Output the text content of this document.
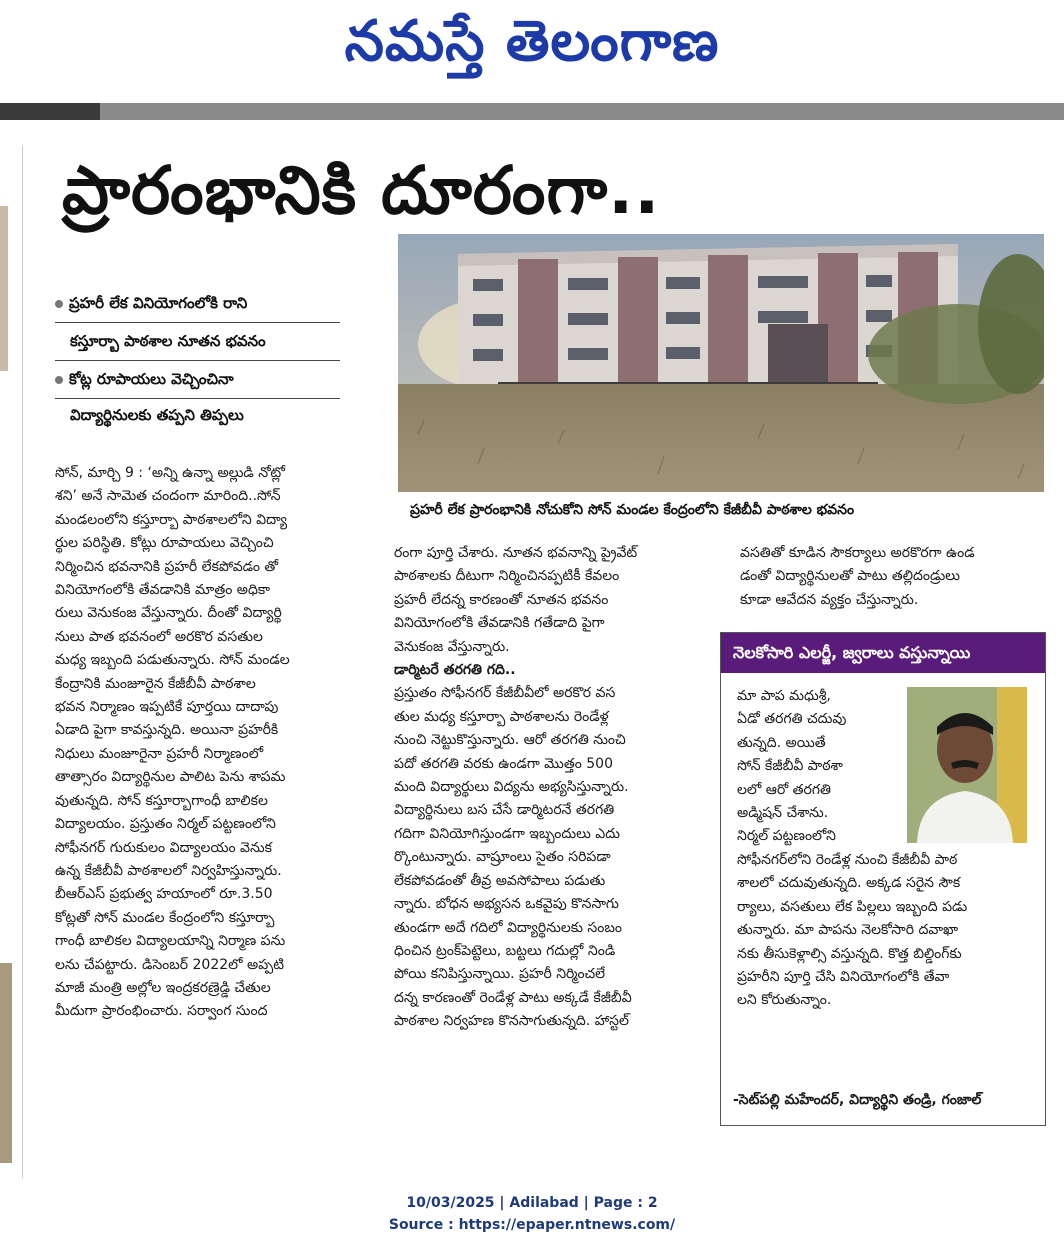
నమస్తే తెలంగాణ
ప్రారంభానికి దూరంగా..
ప్రహరీ లేక ప్రారంభానికి నోచుకోని సోన్ మండల కేంద్రంలోని కేజీబీవీ పాఠశాల భవనం
ప్రహరీ లేక వినియోగంలోకి రాని
కస్తూర్బా పాఠశాల నూతన భవనం
కోట్ల రూపాయలు వెచ్చించినా
విద్యార్థినులకు తప్పని తిప్పలు

సోన్, మార్చి 9 : ‘అన్ని ఉన్నా అల్లుడి నోట్లో

శని’ అనే సామెత చందంగా మారింది..సోన్

మండలంలోని కస్తూర్బా పాఠశాలలోని విద్యా

ర్థుల పరిస్థితి. కోట్లు రూపాయలు వెచ్చించి

నిర్మించిన భవనానికి ప్రహరీ లేకపోవడం తో

వినియోగంలోకి తేవడానికి మాత్రం అధికా

రులు వెనుకంజ వేస్తున్నారు. దీంతో విద్యార్థి

నులు పాత భవనంలో అరకొర వసతుల

మధ్య ఇబ్బంది పడుతున్నారు. సోన్ మండల

కేంద్రానికి మంజూరైన కేజీబీవీ పాఠశాల

భవన నిర్మాణం ఇప్పటికే పూర్తయి దాదాపు

ఏడాది పైగా కావస్తున్నది. అయినా ప్రహరీకి

నిధులు మంజూరైనా ప్రహరీ నిర్మాణంలో

తాత్సారం విద్యార్థినుల పాలిట పెను శాపమ

వుతున్నది. సోన్ కస్తూర్బాగాంధీ బాలికల

విద్యాలయం. ప్రస్తుతం నిర్మల్ పట్టణంలోని

సోఫీనగర్ గురుకులం విద్యాలయం వెనుక

ఉన్న కేజీబీవీ పాఠశాలలో నిర్వహిస్తున్నారు.

బీఆర్ఎస్ ప్రభుత్వ హయాంలో రూ.3.50

కోట్లతో సోన్ మండల కేంద్రంలోని కస్తూర్బా

గాంధీ బాలికల విద్యాలయాన్ని నిర్మాణ పను

లను చేపట్టారు. డిసెంబర్ 2022లో అప్పటి

మాజీ మంత్రి అల్లోల ఇంద్రకరణ్రెడ్డి చేతుల

మీదుగా ప్రారంభించారు. సర్వాంగ సుంద

రంగా పూర్తి చేశారు. నూతన భవనాన్ని ప్రైవేట్

పాఠశాలకు దీటుగా నిర్మించినప్పటికీ కేవలం

ప్రహరీ లేదన్న కారణంతో నూతన భవనం

వినియోగంలోకి తేవడానికి గతేడాది పైగా

వెనుకంజ వేస్తున్నారు.

డార్మిటరే తరగతి గది..

ప్రస్తుతం సోఫీనగర్ కేజీబీవీలో అరకొర వస

తుల మధ్య కస్తూర్బా పాఠశాలను రెండేళ్ల

నుంచి నెట్టుకొస్తున్నారు. ఆరో తరగతి నుంచి

పదో తరగతి వరకు ఉండగా మొత్తం 500

మంది విద్యార్థులు విద్యను అభ్యసిస్తున్నారు.

విద్యార్థినులు బస చేసే డార్మిటరనే తరగతి

గదిగా వినియోగిస్తుండగా ఇబ్బందులు ఎదు

ర్కొంటున్నారు. వాష్రూంలు సైతం సరిపడా

లేకపోవడంతో తీవ్ర అవసోపాలు పడుతు

న్నారు. బోధన అభ్యసన ఒకవైపు కొనసాగు

తుండగా అదే గదిలో విద్యార్థినులకు సంబం

ధించిన ట్రంక్‌పెట్టెలు, బట్టలు గదుల్లో నిండి

పోయి కనిపిస్తున్నాయి. ప్రహరీ నిర్మించలే

దన్న కారణంతో రెండేళ్ల పాటు అక్కడే కేజీబీవీ

పాఠశాల నిర్వహణ కొనసాగుతున్నది. హాస్టల్

వసతితో కూడిన సౌకర్యాలు అరకొరగా ఉండ

డంతో విద్యార్థినులతో పాటు తల్లిదండ్రులు

కూడా ఆవేదన వ్యక్తం చేస్తున్నారు.

నెలకోసారి ఎలర్జీ, జ్వరాలు వస్తున్నాయి

మా పాప మధుశ్రీ,

ఏడో తరగతి చదువు

తున్నది. అయితే

సోన్ కేజీబీవీ పాఠశా

లలో ఆరో తరగతి

అడ్మిషన్ చేశాను.

నిర్మల్ పట్టణంలోని

సోఫీనగర్‌లోని రెండేళ్ల నుంచి కేజీబీవీ పాఠ

శాలలో చదువుతున్నది. అక్కడ సరైన సౌక

ర్యాలు, వసతులు లేక పిల్లలు ఇబ్బంది పడు

తున్నారు. మా పాపను నెలకోసారి దవాఖా

నకు తీసుకెళ్లాల్సి వస్తున్నది. కొత్త బిల్డింగ్‌కు

ప్రహరీని పూర్తి చేసి వినియోగంలోకి తేవా

లని కోరుతున్నాం.

-సెట్‌పల్లి మహేందర్, విద్యార్థిని తండ్రి, గంజాల్
10/03/2025 | Adilabad | Page : 2
Source : https://epaper.ntnews.com/
